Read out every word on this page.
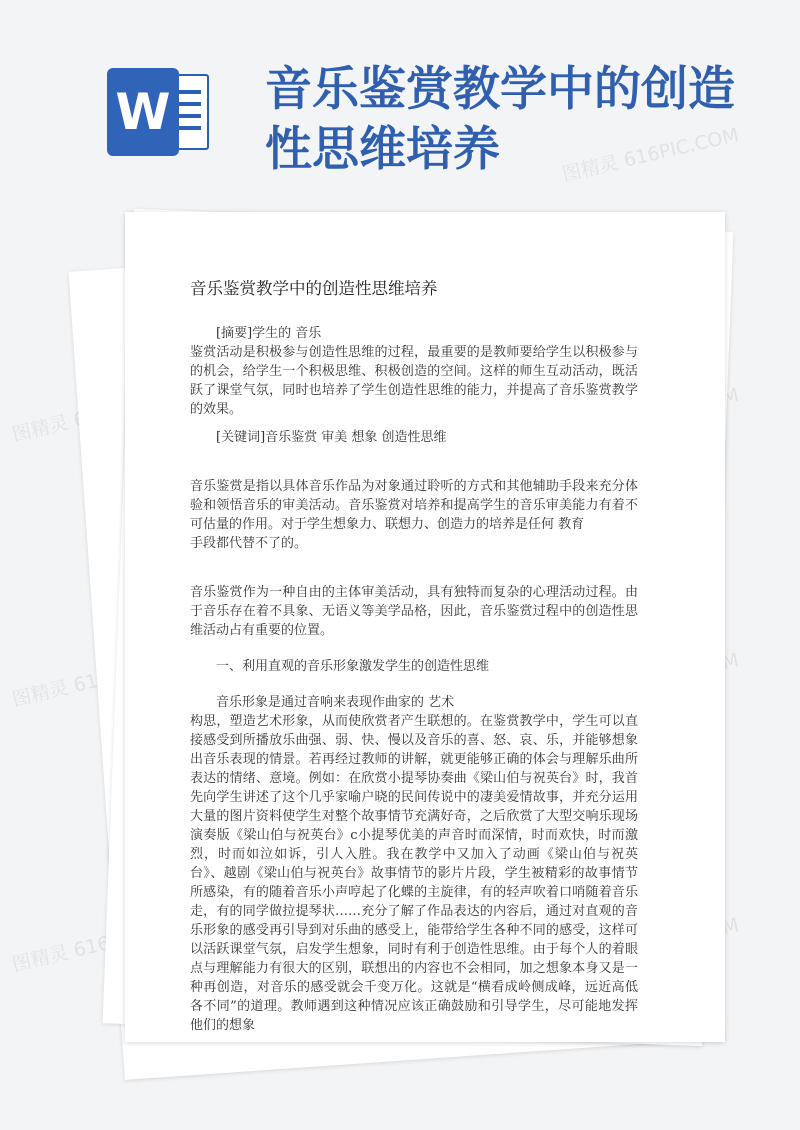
W 音乐鉴赏教学中的创造性思维培养	图精灵 616PIC.COM
图精灵
图精灵
图精灵 616PIC.COM
音乐鉴赏教学中的创造性思维培养

[摘要]学生的 音乐

鉴赏活动是积极参与创造性思维的过程，最重要的是教师要给学生以积极参与的机会，给学生一个积极思维、积极创造的空间。这样的师生互动活动，既活跃了课堂气氛，同时也培养了学生创造性思维的能力，并提高了音乐鉴赏教学的效果。

[关键词]音乐鉴赏 审美 想象 创造性思维

音乐鉴赏是指以具体音乐作品为对象通过聆听的方式和其他辅助手段来充分体验和领悟音乐的审美活动。音乐鉴赏对培养和提高学生的音乐审美能力有着不可估量的作用。对于学生想象力、联想力、创造力的培养是任何 教育

手段都代替不了的。

音乐鉴赏作为一种自由的主体审美活动，具有独特而复杂的心理活动过程。由于音乐存在着不具象、无语义等美学品格，因此，音乐鉴赏过程中的创造性思维活动占有重要的位置。

一、利用直观的音乐形象激发学生的创造性思维

音乐形象是通过音响来表现作曲家的 艺术

构思，塑造艺术形象，从而使欣赏者产生联想的。在鉴赏教学中，学生可以直接感受到所播放乐曲强、弱、快、慢以及音乐的喜、怒、哀、乐，并能够想象出音乐表现的情景。若再经过教师的讲解，就更能够正确的体会与理解乐曲所表达的情绪、意境。例如：在欣赏小提琴协奏曲《梁山伯与祝英台》时，我首先向学生讲述了这个几乎家喻户晓的民间传说中的凄美爱情故事，并充分运用大量的图片资料使学生对整个故事情节充满好奇，之后欣赏了大型交响乐现场演奏版《梁山伯与祝英台》c小提琴优美的声音时而深情，时而欢快，时而激烈，时而如泣如诉，引人入胜。我在教学中又加入了动画《梁山伯与祝英台》、越剧《梁山伯与祝英台》故事情节的影片片段，学生被精彩的故事情节所感染，有的随着音乐小声哼起了化蝶的主旋律，有的轻声吹着口哨随着音乐走，有的同学做拉提琴状……充分了解了作品表达的内容后，通过对直观的音乐形象的感受再引导到对乐曲的感受上，能带给学生各种不同的感受，这样可以活跃课堂气氛，启发学生想象，同时有利于创造性思维。由于每个人的着眼点与理解能力有很大的区别，联想出的内容也不会相同，加之想象本身又是一种再创造，对音乐的感受就会千变万化。这就是“横看成岭侧成峰，远近高低各不同”的道理。教师遇到这种情况应该正确鼓励和引导学生，尽可能地发挥他们的想象
